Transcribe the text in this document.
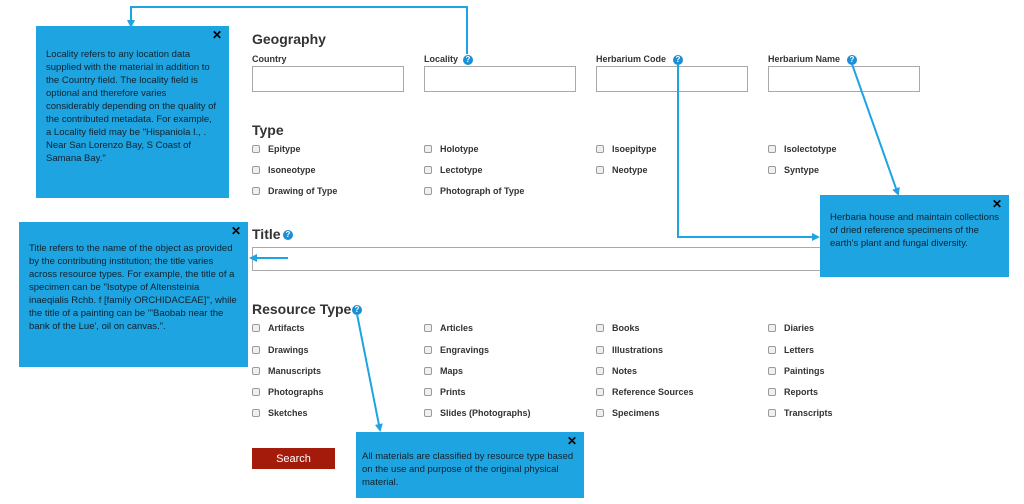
Geography
Country	Locality ?	Herbarium Code	?	Herbarium Name	?
Type
Epitype	Holotype	Isoepitype	Isolectotype
Isoneotype	Lectotype	Neotype	Syntype
Drawing of Type	Photograph of Type
Title ?
Resource Type ?
Artifacts	Articles	Books	Diaries
Drawings	Engravings	Illustrations	Letters
Manuscripts	Maps	Notes	Paintings
Photographs	Prints	Reference Sources	Reports
Sketches	Slides (Photographs)	Specimens	Transcripts
Search
✕
Locality refers to any location data supplied with the material in addition to the Country field. The locality field is optional and therefore varies considerably depending on the quality of the contributed metadata. For example, a Locality field may be "Hispaniola I., . Near San Lorenzo Bay, S Coast of Samana Bay."
✕
Herbaria house and maintain collections of dried reference specimens of the earth's plant and fungal diversity.
✕
Title refers to the name of the object as provided by the contributing institution; the title varies across resource types. For example, the title of a specimen can be "Isotype of Altensteinia inaeqialis Rchb. f [family ORCHIDACEAE]", while the title of a painting can be "'Baobab near the bank of the Lue', oil on canvas.".
✕
All materials are classified by resource type based on the use and purpose of the original physical material.
